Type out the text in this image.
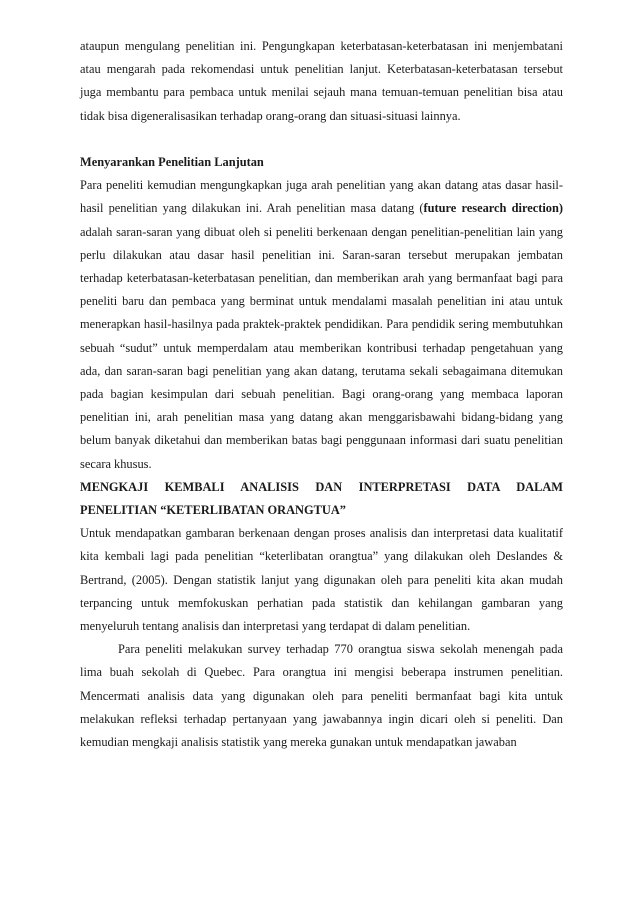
ataupun mengulang penelitian ini. Pengungkapan keterbatasan-keterbatasan ini menjembatani atau mengarah pada rekomendasi untuk penelitian lanjut. Keterbatasan-keterbatasan tersebut juga membantu para pembaca untuk menilai sejauh mana temuan-temuan penelitian bisa atau tidak bisa digeneralisasikan terhadap orang-orang dan situasi-situasi lainnya.

Menyarankan Penelitian Lanjutan

Para peneliti kemudian mengungkapkan juga arah penelitian yang akan datang atas dasar hasil-hasil penelitian yang dilakukan ini. Arah penelitian masa datang (future research direction) adalah saran-saran yang dibuat oleh si peneliti berkenaan dengan penelitian-penelitian lain yang perlu dilakukan atau dasar hasil penelitian ini. Saran-saran tersebut merupakan jembatan terhadap keterbatasan-keterbatasan penelitian, dan memberikan arah yang bermanfaat bagi para peneliti baru dan pembaca yang berminat untuk mendalami masalah penelitian ini atau untuk menerapkan hasil-hasilnya pada praktek-praktek pendidikan. Para pendidik sering membutuhkan sebuah “sudut” untuk memperdalam atau memberikan kontribusi terhadap pengetahuan yang ada, dan saran-saran bagi penelitian yang akan datang, terutama sekali sebagaimana ditemukan pada bagian kesimpulan dari sebuah penelitian. Bagi orang-orang yang membaca laporan penelitian ini, arah penelitian masa yang datang akan menggarisbawahi bidang-bidang yang belum banyak diketahui dan memberikan batas bagi penggunaan informasi dari suatu penelitian secara khusus.

MENGKAJI KEMBALI ANALISIS DAN INTERPRETASI DATA DALAM
PENELITIAN “KETERLIBATAN ORANGTUA”

Untuk mendapatkan gambaran berkenaan dengan proses analisis dan interpretasi data kualitatif kita kembali lagi pada penelitian “keterlibatan orangtua” yang dilakukan oleh Deslandes & Bertrand, (2005). Dengan statistik lanjut yang digunakan oleh para peneliti kita akan mudah terpancing untuk memfokuskan perhatian pada statistik dan kehilangan gambaran yang menyeluruh tentang analisis dan interpretasi yang terdapat di dalam penelitian.

Para peneliti melakukan survey terhadap 770 orangtua siswa sekolah menengah pada lima buah sekolah di Quebec. Para orangtua ini mengisi beberapa instrumen penelitian. Mencermati analisis data yang digunakan oleh para peneliti bermanfaat bagi kita untuk melakukan refleksi terhadap pertanyaan yang jawabannya ingin dicari oleh si peneliti. Dan kemudian mengkaji analisis statistik yang mereka gunakan untuk mendapatkan jawaban
